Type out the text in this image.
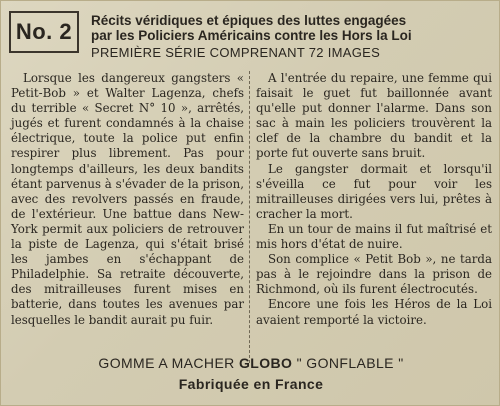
No. 2	Récits véridiques et épiques des luttes engagées
par les Policiers Américains contre les Hors la Loi
PREMIÈRE SÉRIE COMPRENANT 72 IMAGES

Lorsque les dangereux gangsters « Petit-Bob » et Walter Lagenza, chefs du terrible « Secret N° 10 », arrêtés, jugés et furent condamnés à la chaise électrique, toute la police put enfin respirer plus librement. Pas pour longtemps d'ailleurs, les deux bandits étant parvenus à s'évader de la prison, avec des revolvers passés en fraude, de l'extérieur. Une battue dans New-York permit aux policiers de retrouver la piste de Lagenza, qui s'était brisé les jambes en s'échappant de Philadelphie. Sa retraite découverte, des mitrailleuses furent mises en batterie, dans toutes les avenues par lesquelles le bandit aurait pu fuir.

A l'entrée du repaire, une femme qui faisait le guet fut baillonnée avant qu'elle put donner l'alarme. Dans son sac à main les policiers trouvèrent la clef de la chambre du bandit et la porte fut ouverte sans bruit.

Le gangster dormait et lorsqu'il s'éveilla ce fut pour voir les mitrailleuses dirigées vers lui, prêtes à cracher la mort.

En un tour de mains il fut maîtrisé et mis hors d'état de nuire.

Son complice « Petit Bob », ne tarda pas à le rejoindre dans la prison de Richmond, où ils furent électrocutés.

Encore une fois les Héros de la Loi avaient remporté la victoire.

GOMME A MACHER GLOBO " GONFLABLE "
Fabriquée en France
